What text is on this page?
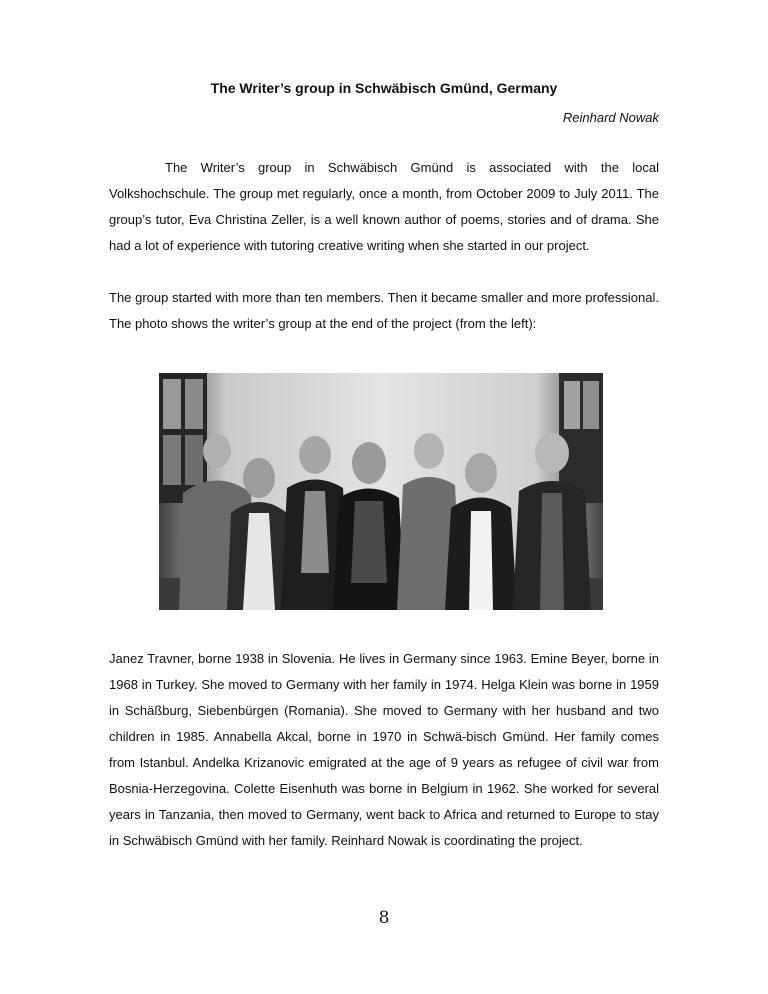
The Writer’s group in Schwäbisch Gmünd, Germany
Reinhard Nowak

The Writer’s group in Schwäbisch Gmünd is associated with the local Volkshochschule. The group met regularly, once a month, from October 2009 to July 2011. The group’s tutor, Eva Christina Zeller, is a well known author of poems, stories and of drama. She had a lot of experience with tutoring creative writing when she started in our project.

The group started with more than ten members. Then it became smaller and more professional. The photo shows the writer’s group at the end of the project (from the left):

Janez Travner, borne 1938 in Slovenia. He lives in Germany since 1963. Emine Beyer, borne in 1968 in Turkey. She moved to Germany with her family in 1974. Helga Klein was borne in 1959 in Schäßburg, Siebenbürgen (Romania). She moved to Germany with her husband and two children in 1985. Annabella Akcal, borne in 1970 in Schwä-bisch Gmünd. Her family comes from Istanbul. Andelka Krizanovic emigrated at the age of 9 years as refugee of civil war from Bosnia-Herzegovina. Colette Eisenhuth was borne in Belgium in 1962. She worked for several years in Tanzania, then moved to Germany, went back to Africa and returned to Europe to stay in Schwäbisch Gmünd with her family. Reinhard Nowak is coordinating the project.

8
